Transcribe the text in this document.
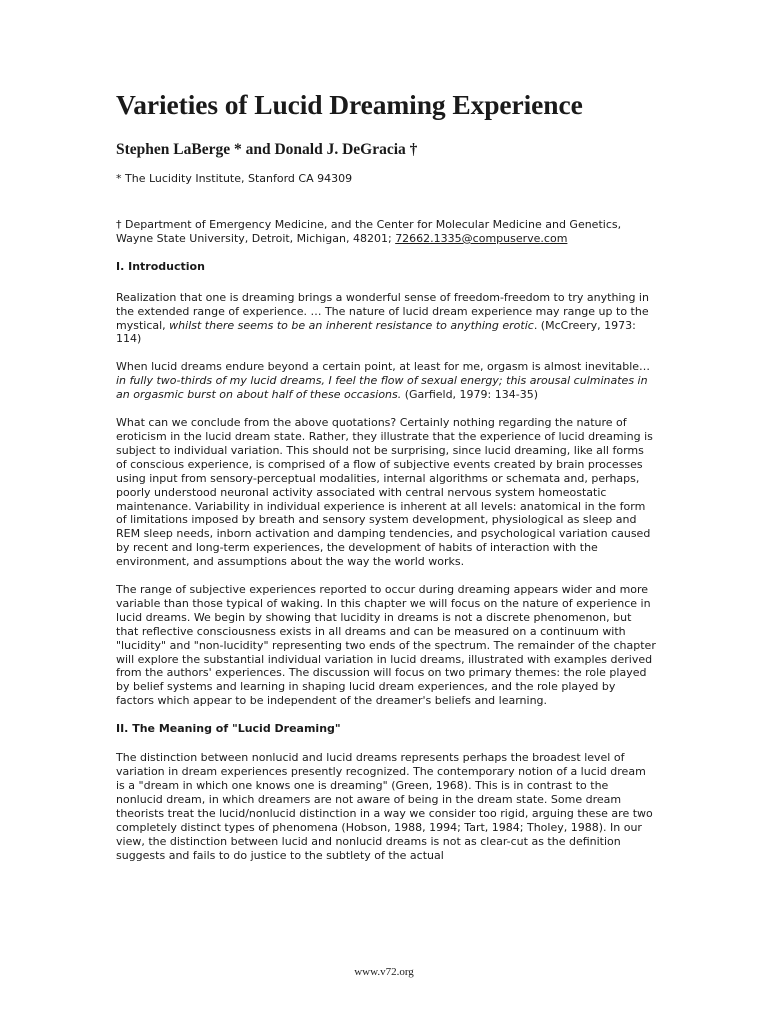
Varieties of Lucid Dreaming Experience
Stephen LaBerge * and Donald J. DeGracia †

* The Lucidity Institute, Stanford CA 94309

† Department of Emergency Medicine, and the Center for Molecular Medicine and Genetics, Wayne State University, Detroit, Michigan, 48201; 72662.1335@compuserve.com

I. Introduction

Realization that one is dreaming brings a wonderful sense of freedom-freedom to try anything in the extended range of experience. … The nature of lucid dream experience may range up to the mystical, whilst there seems to be an inherent resistance to anything erotic. (McCreery, 1973: 114)

When lucid dreams endure beyond a certain point, at least for me, orgasm is almost inevitable… in fully two-thirds of my lucid dreams, I feel the flow of sexual energy; this arousal culminates in an orgasmic burst on about half of these occasions. (Garfield, 1979: 134-35)

What can we conclude from the above quotations? Certainly nothing regarding the nature of eroticism in the lucid dream state. Rather, they illustrate that the experience of lucid dreaming is subject to individual variation. This should not be surprising, since lucid dreaming, like all forms of conscious experience, is comprised of a flow of subjective events created by brain processes using input from sensory-perceptual modalities, internal algorithms or schemata and, perhaps, poorly understood neuronal activity associated with central nervous system homeostatic maintenance. Variability in individual experience is inherent at all levels: anatomical in the form of limitations imposed by breath and sensory system development, physiological as sleep and REM sleep needs, inborn activation and damping tendencies, and psychological variation caused by recent and long-term experiences, the development of habits of interaction with the environment, and assumptions about the way the world works.

The range of subjective experiences reported to occur during dreaming appears wider and more variable than those typical of waking. In this chapter we will focus on the nature of experience in lucid dreams. We begin by showing that lucidity in dreams is not a discrete phenomenon, but that reflective consciousness exists in all dreams and can be measured on a continuum with "lucidity" and "non-lucidity" representing two ends of the spectrum. The remainder of the chapter will explore the substantial individual variation in lucid dreams, illustrated with examples derived from the authors' experiences. The discussion will focus on two primary themes: the role played by belief systems and learning in shaping lucid dream experiences, and the role played by factors which appear to be independent of the dreamer's beliefs and learning.

II. The Meaning of "Lucid Dreaming"

The distinction between nonlucid and lucid dreams represents perhaps the broadest level of variation in dream experiences presently recognized. The contemporary notion of a lucid dream is a "dream in which one knows one is dreaming" (Green, 1968). This is in contrast to the nonlucid dream, in which dreamers are not aware of being in the dream state. Some dream theorists treat the lucid/nonlucid distinction in a way we consider too rigid, arguing these are two completely distinct types of phenomena (Hobson, 1988, 1994; Tart, 1984; Tholey, 1988). In our view, the distinction between lucid and nonlucid dreams is not as clear-cut as the definition suggests and fails to do justice to the subtlety of the actual

www.v72.org
